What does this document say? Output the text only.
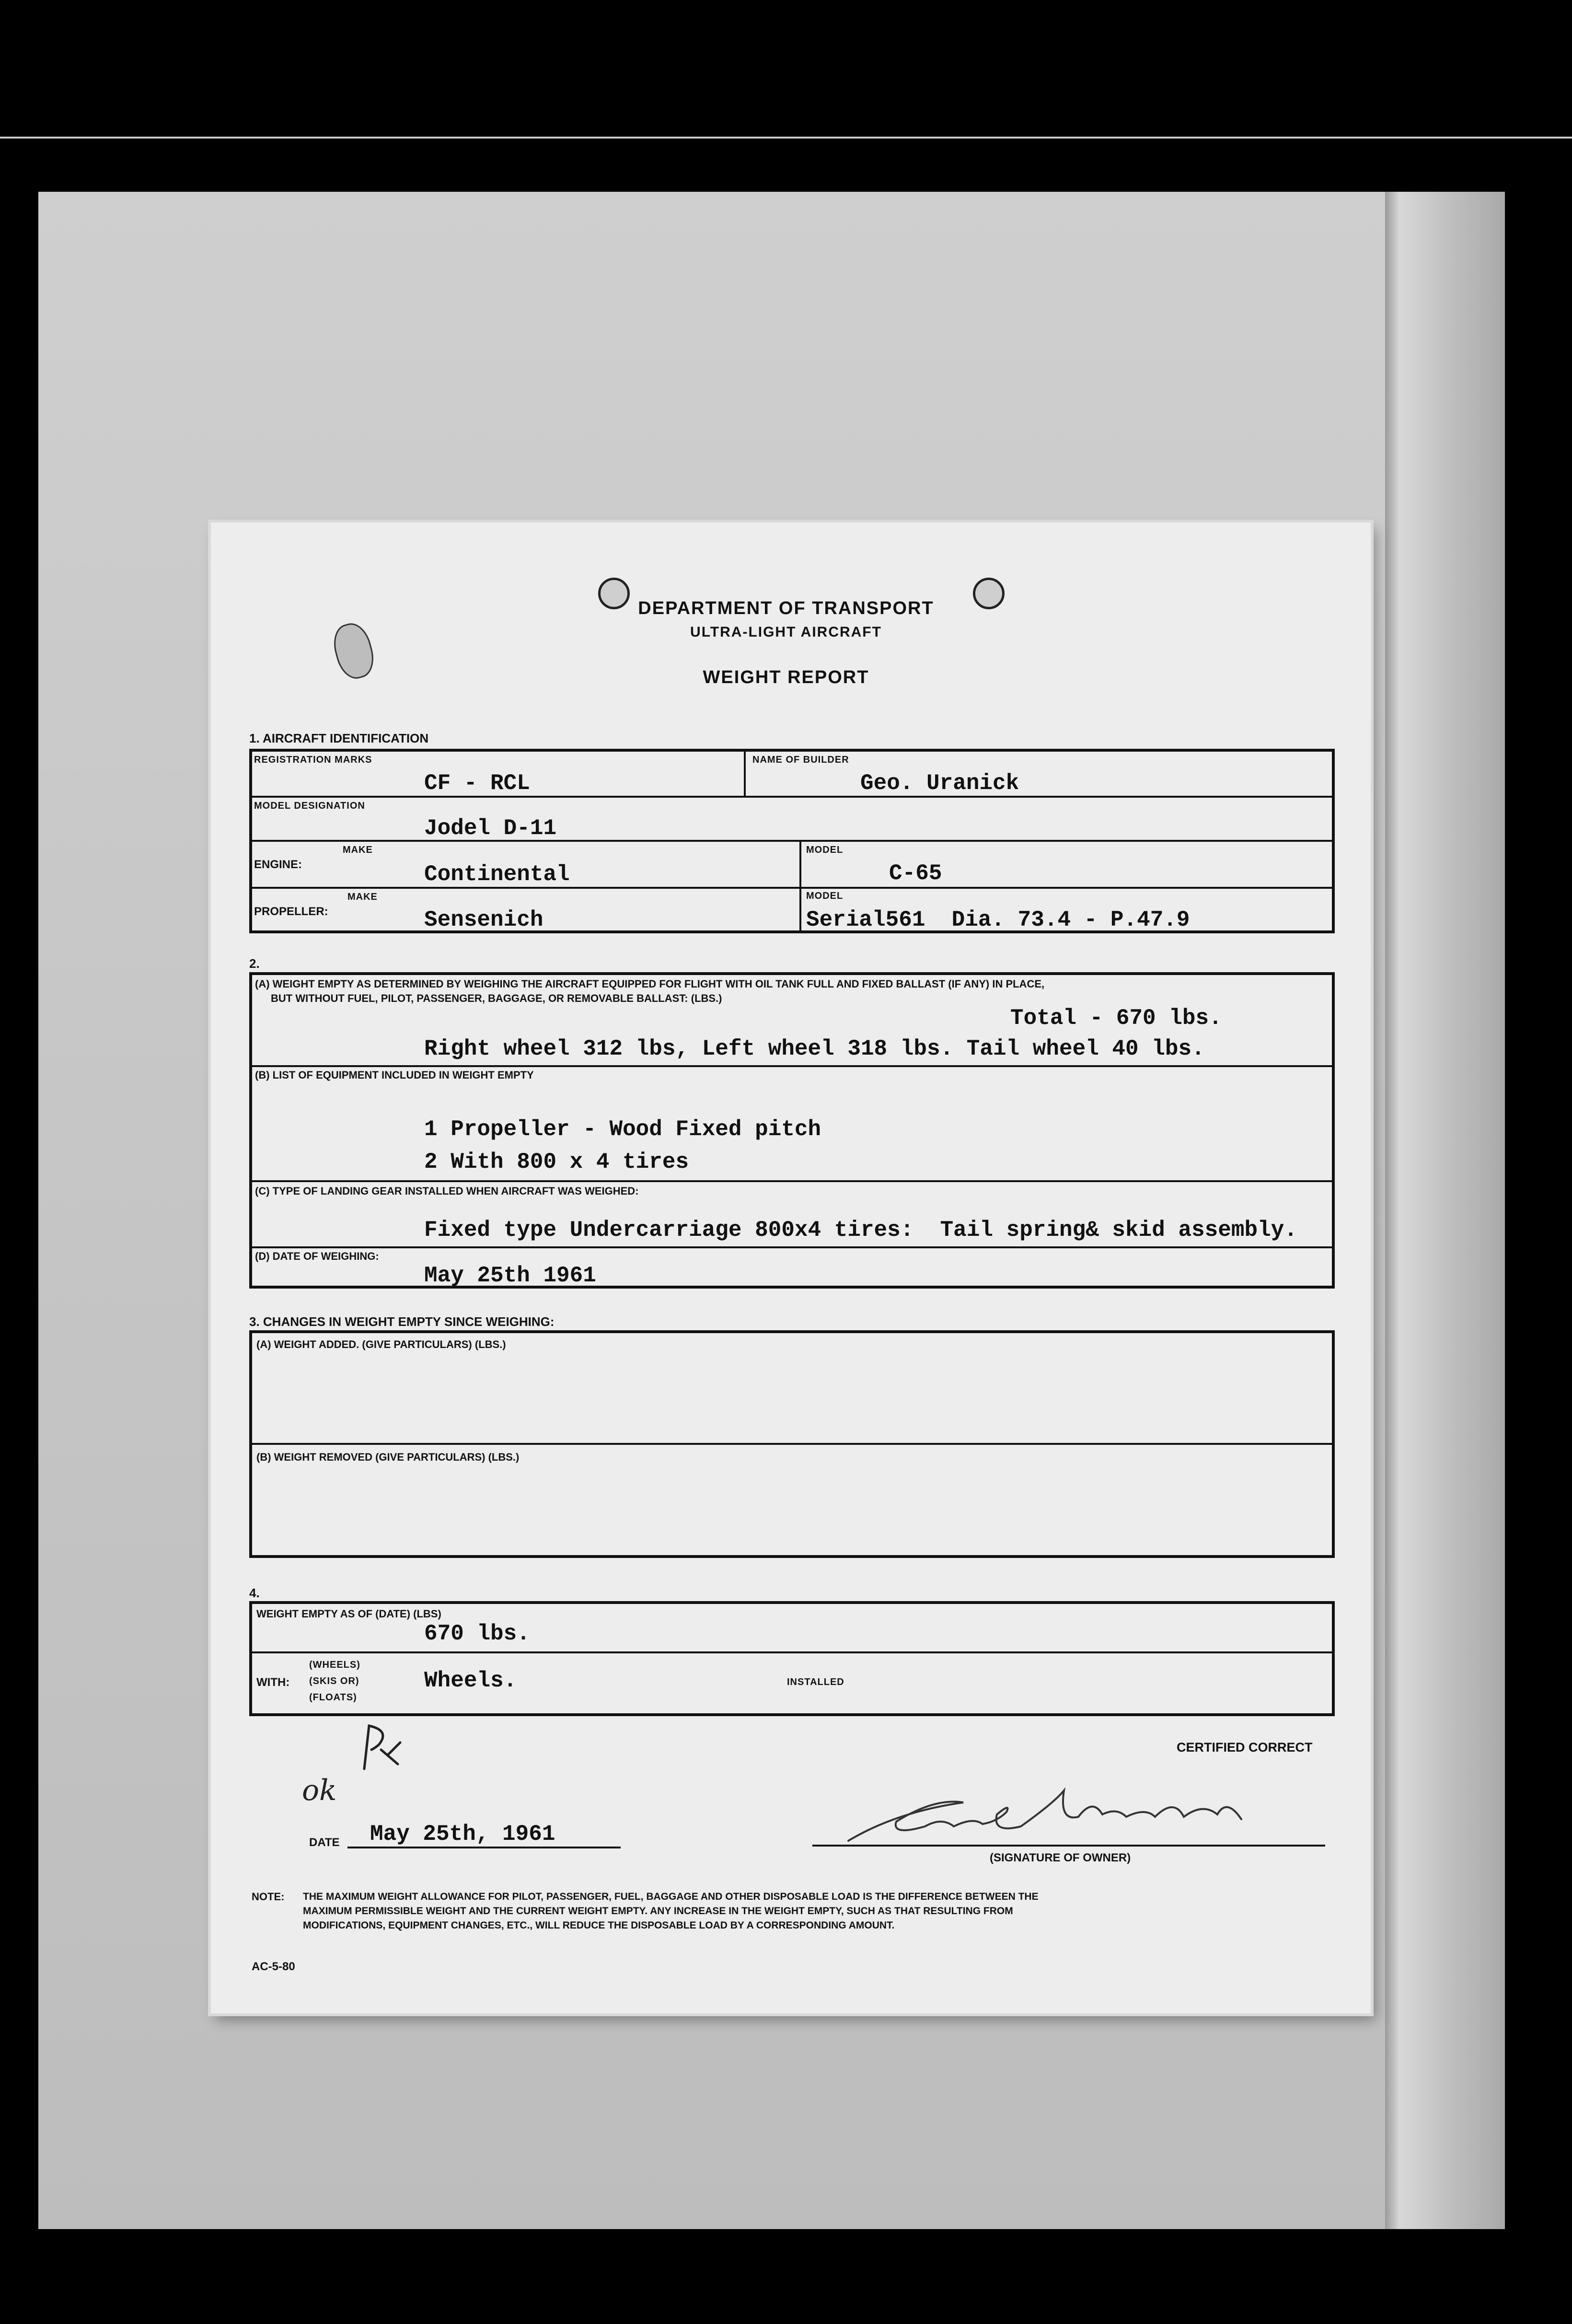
DEPARTMENT OF TRANSPORT
ULTRA-LIGHT AIRCRAFT
WEIGHT REPORT
1. AIRCRAFT IDENTIFICATION
REGISTRATION MARKS
CF - RCL
NAME OF BUILDER
Geo. Uranick
MODEL DESIGNATION
Jodel D-11
ENGINE:
MAKE
Continental
MODEL
C-65
PROPELLER:
MAKE
Sensenich
MODEL
Serial561  Dia. 73.4 - P.47.9
2.
(A) WEIGHT EMPTY AS DETERMINED BY WEIGHING THE AIRCRAFT EQUIPPED FOR FLIGHT WITH OIL TANK FULL AND FIXED BALLAST (IF ANY) IN PLACE,
BUT WITHOUT FUEL, PILOT, PASSENGER, BAGGAGE, OR REMOVABLE BALLAST: (LBS.)
Total - 670 lbs.
Right wheel 312 lbs, Left wheel 318 lbs. Tail wheel 40 lbs.
(B) LIST OF EQUIPMENT INCLUDED IN WEIGHT EMPTY
1 Propeller - Wood Fixed pitch
2 With 800 x 4 tires
(C) TYPE OF LANDING GEAR INSTALLED WHEN AIRCRAFT WAS WEIGHED:
Fixed type Undercarriage 800x4 tires:  Tail spring& skid assembly.
(D) DATE OF WEIGHING:
May 25th 1961
3. CHANGES IN WEIGHT EMPTY SINCE WEIGHING:
(A) WEIGHT ADDED. (GIVE PARTICULARS) (LBS.)
(B) WEIGHT REMOVED (GIVE PARTICULARS) (LBS.)
4.
WEIGHT EMPTY AS OF (DATE) (LBS)
670 lbs.
WITH:
(WHEELS)
(SKIS OR)
(FLOATS)
Wheels.	INSTALLED
CERTIFIED CORRECT
ok
DATE May 25th, 1961
(SIGNATURE OF OWNER)
NOTE: THE MAXIMUM WEIGHT ALLOWANCE FOR PILOT, PASSENGER, FUEL, BAGGAGE AND OTHER DISPOSABLE LOAD IS THE DIFFERENCE BETWEEN THE
MAXIMUM PERMISSIBLE WEIGHT AND THE CURRENT WEIGHT EMPTY. ANY INCREASE IN THE WEIGHT EMPTY, SUCH AS THAT RESULTING FROM
MODIFICATIONS, EQUIPMENT CHANGES, ETC., WILL REDUCE THE DISPOSABLE LOAD BY A CORRESPONDING AMOUNT.
AC-5-80
